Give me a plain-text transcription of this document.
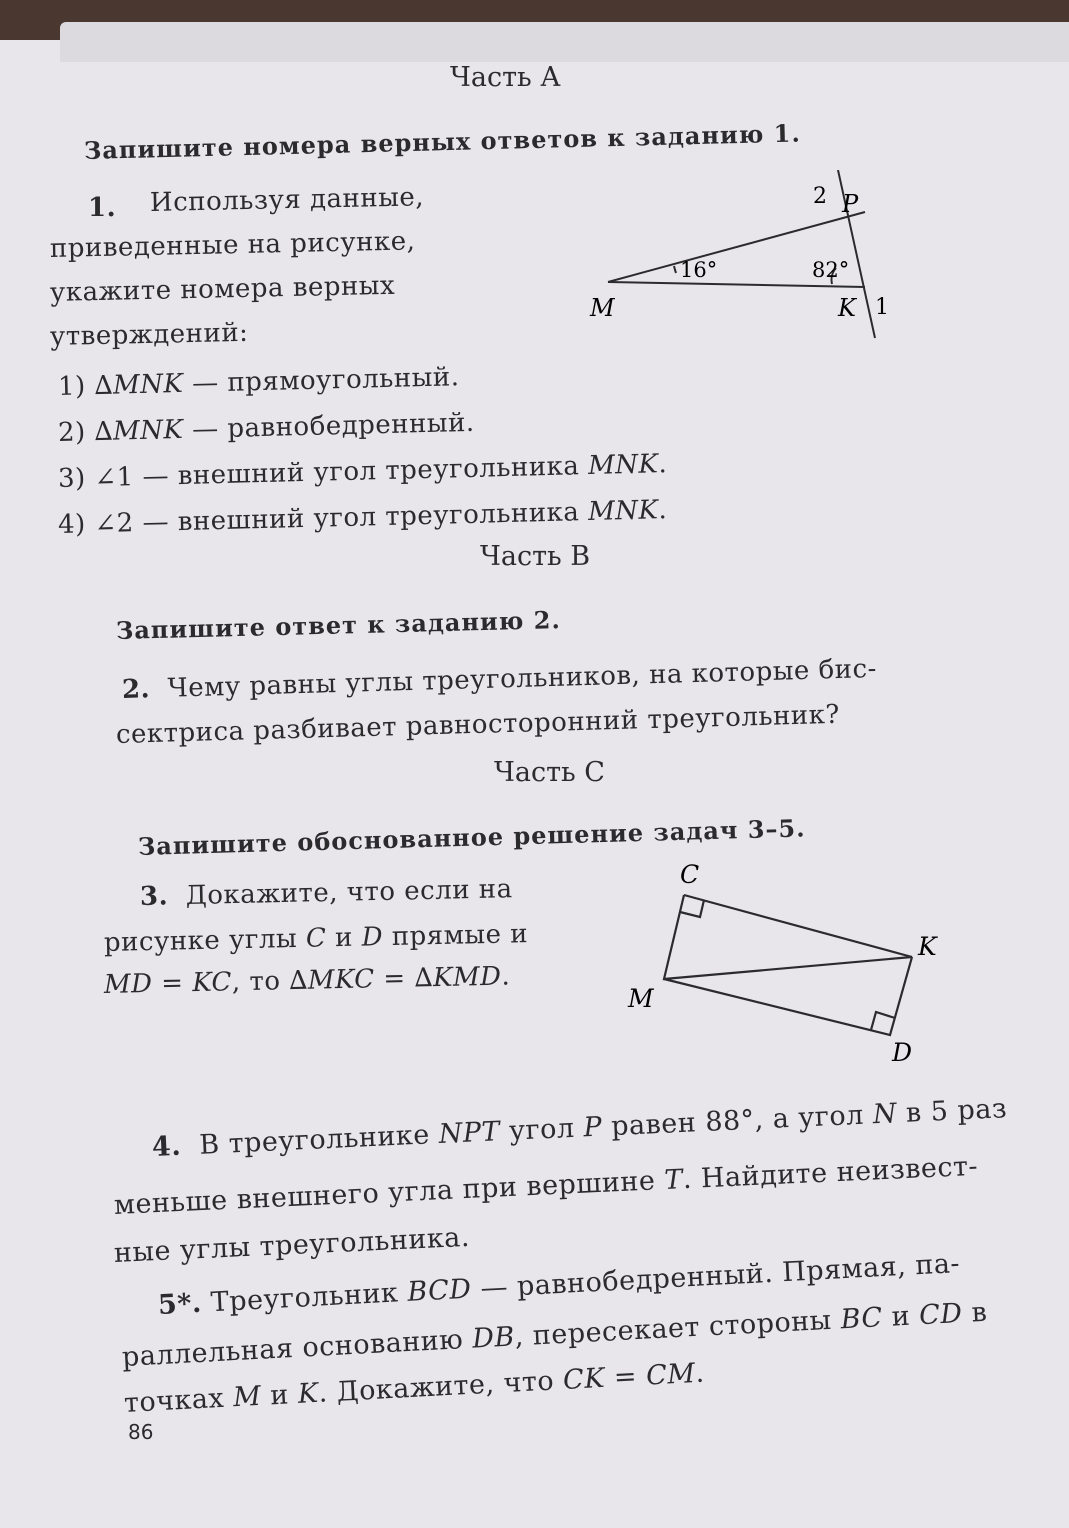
Часть А
Запишите номера верных ответов к заданию 1.
1. Используя данные,
приведенные на рисунке,
укажите номера верных
утверждений:
1) ∆MNK — прямоугольный.
2) ∆MNK — равнобедренный.
3) ∠1 — внешний угол треугольника MNK.
4) ∠2 — внешний угол треугольника MNK.
M	K
P
16°	82°
1
2
Часть В
Запишите ответ к заданию 2.
2. Чему равны углы треугольников, на которые бис-
сектриса разбивает равносторонний треугольник?
Часть С
Запишите обоснованное решение задач 3–5.
3. Докажите, что если на
рисунке углы C и D прямые и
MD = KC, то ∆MKC = ∆KMD.
C
K
M
D
4. В треугольнике NPT угол P равен 88°, а угол N в 5 раз
меньше внешнего угла при вершине T. Найдите неизвест-
ные углы треугольника.
5*. Треугольник BCD — равнобедренный. Прямая, па-
раллельная основанию DB, пересекает стороны BC и CD в
точках M и K. Докажите, что CK = CM.
86
